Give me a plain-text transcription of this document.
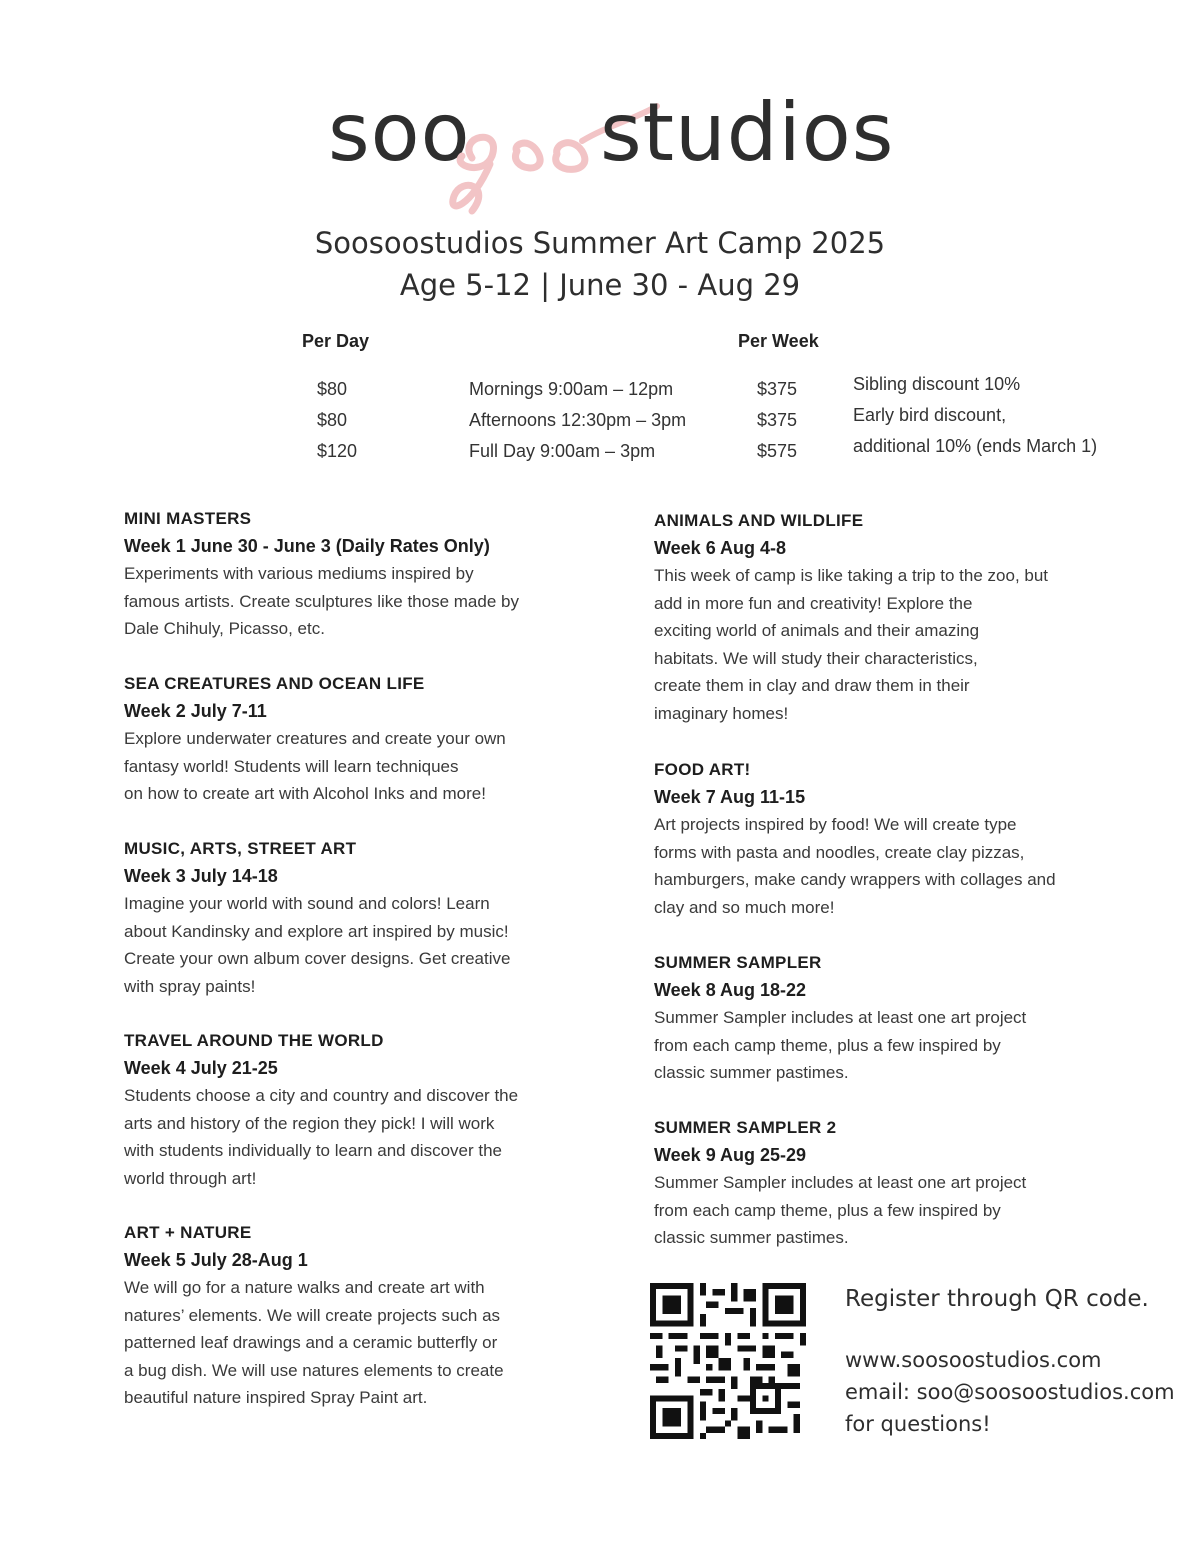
soo studios
Soosoostudios Summer Art Camp 2025
Age 5-12 | June 30 - Aug 29
Per Day	Per Week
$80	Mornings 9:00am – 12pm	$375
$80	Afternoons 12:30pm – 3pm	$375
$120	Full Day 9:00am – 3pm	$575
Sibling discount 10%
Early bird discount,
additional 10% (ends March 1)
MINI MASTERS
Week 1 June 30 - June 3 (Daily Rates Only)
Experiments with various mediums inspired by
famous artists. Create sculptures like those made by
Dale Chihuly, Picasso, etc.
SEA CREATURES AND OCEAN LIFE
Week 2 July 7-11
Explore underwater creatures and create your own
fantasy world! Students will learn techniques
on how to create art with Alcohol Inks and more!
MUSIC, ARTS, STREET ART
Week 3 July 14-18
Imagine your world with sound and colors! Learn
about Kandinsky and explore art inspired by music!
Create your own album cover designs. Get creative
with spray paints!
TRAVEL AROUND THE WORLD
Week 4 July 21-25
Students choose a city and country and discover the
arts and history of the region they pick! I will work
with students individually to learn and discover the
world through art!
ART + NATURE
Week 5 July 28-Aug 1
We will go for a nature walks and create art with
natures’ elements. We will create projects such as
patterned leaf drawings and a ceramic butterfly or
a bug dish. We will use natures elements to create
beautiful nature inspired Spray Paint art.
ANIMALS AND WILDLIFE
Week 6 Aug 4-8
This week of camp is like taking a trip to the zoo, but
add in more fun and creativity! Explore the
exciting world of animals and their amazing
habitats. We will study their characteristics,
create them in clay and draw them in their
imaginary homes!
FOOD ART!
Week 7 Aug 11-15
Art projects inspired by food! We will create type
forms with pasta and noodles, create clay pizzas,
hamburgers, make candy wrappers with collages and
clay and so much more!
SUMMER SAMPLER
Week 8 Aug 18-22
Summer Sampler includes at least one art project
from each camp theme, plus a few inspired by
classic summer pastimes.
SUMMER SAMPLER 2
Week 9 Aug 25-29
Summer Sampler includes at least one art project
from each camp theme, plus a few inspired by
classic summer pastimes.
Register through QR code.
www.soosoostudios.com
email: soo@soosoostudios.com
for questions!
